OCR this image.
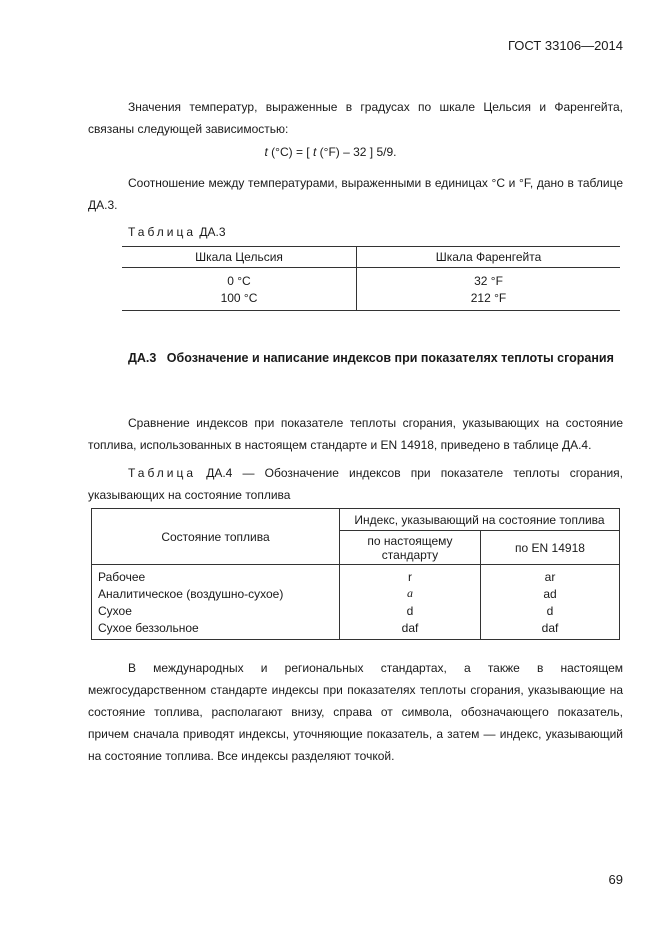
ГОСТ 33106—2014
Значения температур, выраженные в градусах по шкале Цельсия и Фаренгейта, связаны следующей зависимостью:
t (°C) = [ t (°F) – 32 ] 5/9.
Соотношение между температурами, выраженными в единицах °C и °F, дано в таблице ДА.3.
Таблица ДА.3
Шкала Цельсия	Шкала Фаренгейта
0 °C	32 °F
100 °C	212 °F
ДА.3 Обозначение и написание индексов при показателях теплоты сгорания
Сравнение индексов при показателе теплоты сгорания, указывающих на состояние топлива, использованных в настоящем стандарте и EN 14918, приведено в таблице ДА.4.
Таблица ДА.4 — Обозначение индексов при показателе теплоты сгорания, указывающих на состояние топлива
Состояние топлива	Индекс, указывающий на состояние топлива	
	по настоящему стандарту	по EN 14918
Рабочее	r	ar
Аналитическое (воздушно-сухое)	a	ad
Сухое	d	d
Сухое беззольное	daf	daf
В международных и региональных стандартах, а также в настоящем межгосударственном стандарте индексы при показателях теплоты сгорания, указывающие на состояние топлива, располагают внизу, справа от символа, обозначающего показатель, причем сначала приводят индексы, уточняющие показатель, а затем — индекс, указывающий на состояние топлива. Все индексы разделяют точкой.
69
